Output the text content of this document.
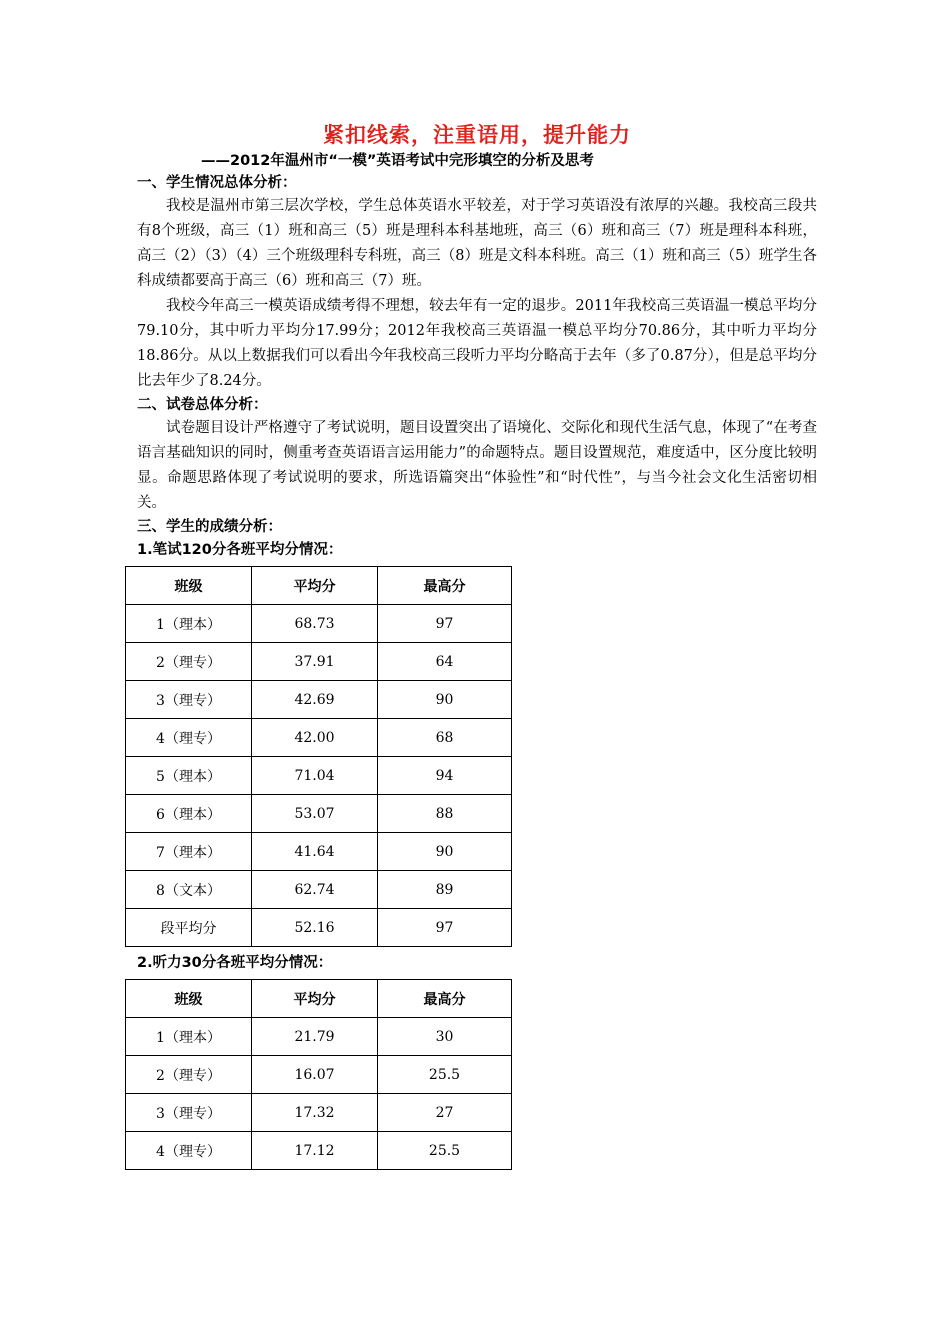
紧扣线索，注重语用，提升能力

——2012年温州市“一模”英语考试中完形填空的分析及思考

一、学生情况总体分析：

我校是温州市第三层次学校，学生总体英语水平较差，对于学习英语没有浓厚的兴趣。我校高三段共有8个班级，高三（1）班和高三（5）班是理科本科基地班，高三（6）班和高三（7）班是理科本科班，高三（2）（3）（4）三个班级理科专科班，高三（8）班是文科本科班。高三（1）班和高三（5）班学生各科成绩都要高于高三（6）班和高三（7）班。

我校今年高三一模英语成绩考得不理想，较去年有一定的退步。2011年我校高三英语温一模总平均分79.10分，其中听力平均分17.99分；2012年我校高三英语温一模总平均分70.86分，其中听力平均分18.86分。从以上数据我们可以看出今年我校高三段听力平均分略高于去年（多了0.87分），但是总平均分比去年少了8.24分。

二、试卷总体分析：

试卷题目设计严格遵守了考试说明，题目设置突出了语境化、交际化和现代生活气息，体现了“在考查语言基础知识的同时，侧重考查英语语言运用能力”的命题特点。题目设置规范，难度适中，区分度比较明显。命题思路体现了考试说明的要求，所选语篇突出“体验性”和“时代性”，与当今社会文化生活密切相关。

三、学生的成绩分析：

1.笔试120分各班平均分情况：

班级	平均分	最高分
1（理本）	68.73	97
2（理专）	37.91	64
3（理专）	42.69	90
4（理专）	42.00	68
5（理本）	71.04	94
6（理本）	53.07	88
7（理本）	41.64	90
8（文本）	62.74	89
段平均分	52.16	97

2.听力30分各班平均分情况：

班级	平均分	最高分
1（理本）	21.79	30
2（理专）	16.07	25.5
3（理专）	17.32	27
4（理专）	17.12	25.5
